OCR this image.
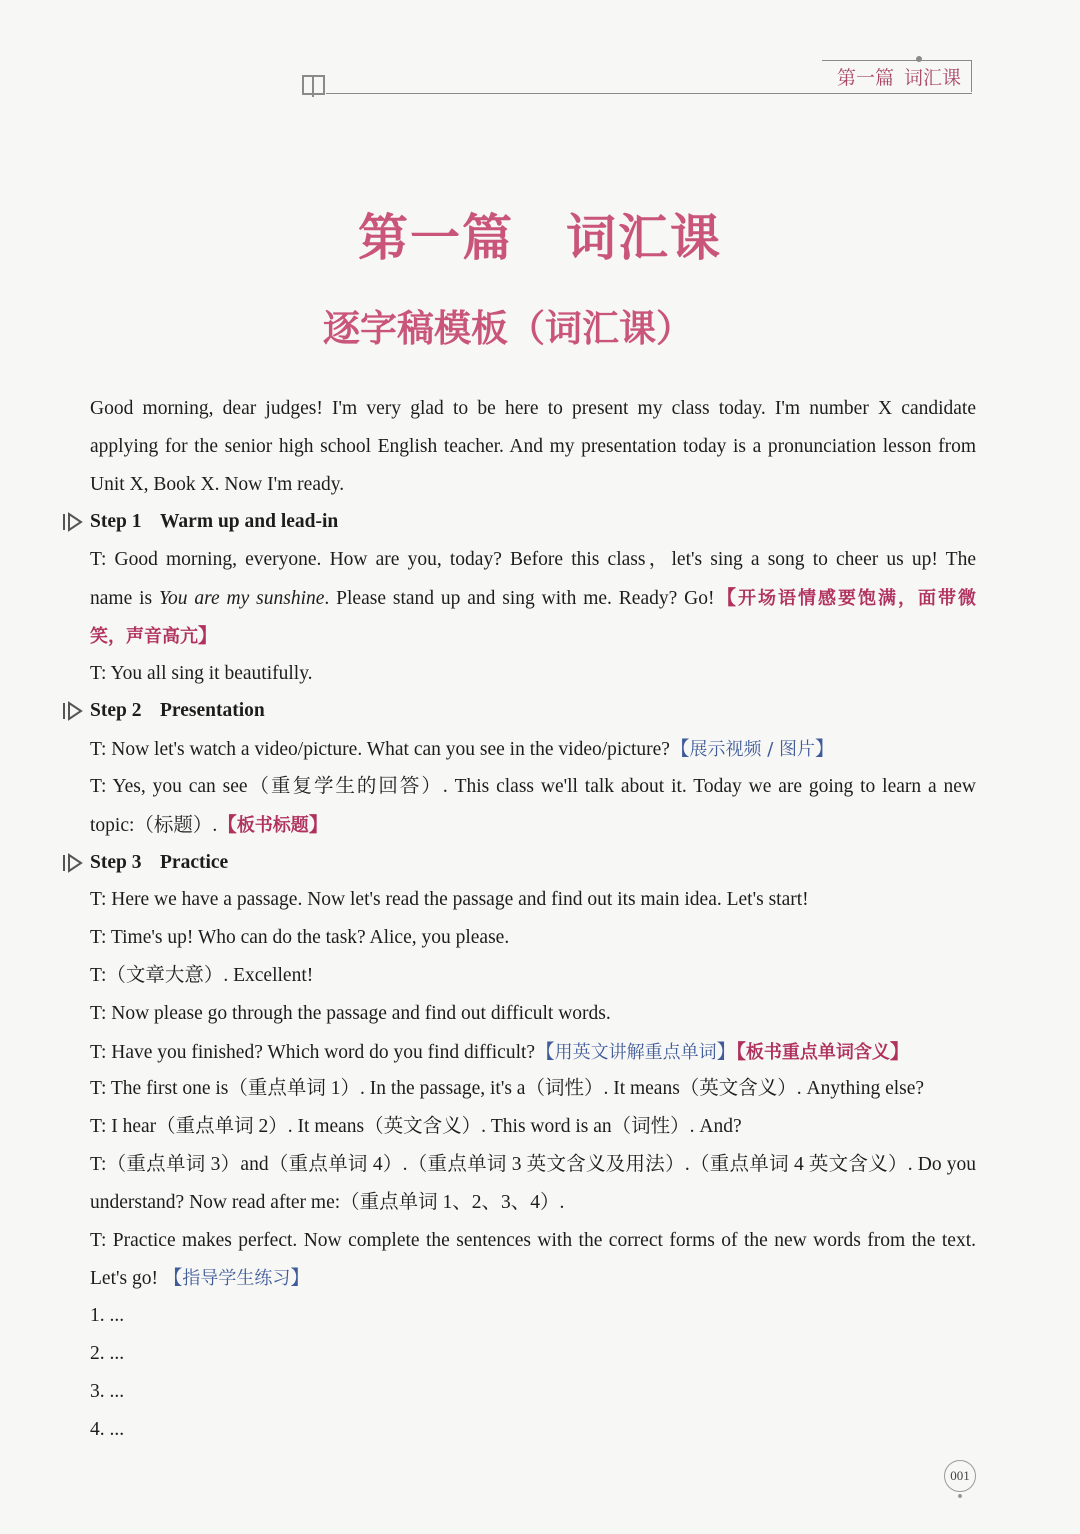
第一篇 词汇课
第一篇 词汇课
逐字稿模板（词汇课）
Good morning, dear judges! I'm very glad to be here to present my class today. I'm number X candidate
applying for the senior high school English teacher. And my presentation today is a pronunciation lesson from
Unit X, Book X. Now I'm ready.
Step 1 Warm up and lead-in
T: Good morning, everyone. How are you, today? Before this class，let's sing a song to cheer us up! The
name is You are my sunshine. Please stand up and sing with me. Ready? Go!【开场语情感要饱满，面带微
笑，声音高亢】
T: You all sing it beautifully.
Step 2 Presentation
T: Now let's watch a video/picture. What can you see in the video/picture?【展示视频 / 图片】
T: Yes, you can see（重复学生的回答）. This class we'll talk about it. Today we are going to learn a new
topic:（标题）.【板书标题】
Step 3 Practice
T: Here we have a passage. Now let's read the passage and find out its main idea. Let's start!
T: Time's up! Who can do the task? Alice, you please.
T:（文章大意）. Excellent!
T: Now please go through the passage and find out difficult words.
T: Have you finished? Which word do you find difficult?【用英文讲解重点单词】【板书重点单词含义】
T: The first one is（重点单词 1）. In the passage, it's a（词性）. It means（英文含义）. Anything else?
T: I hear（重点单词 2）. It means（英文含义）. This word is an（词性）. And?
T:（重点单词 3）and（重点单词 4）.（重点单词 3 英文含义及用法）.（重点单词 4 英文含义）. Do you
understand? Now read after me:（重点单词 1、2、3、4）.
T: Practice makes perfect. Now complete the sentences with the correct forms of the new words from the text.
Let's go! 【指导学生练习】
1. ...
2. ...
3. ...
4. ...
001
